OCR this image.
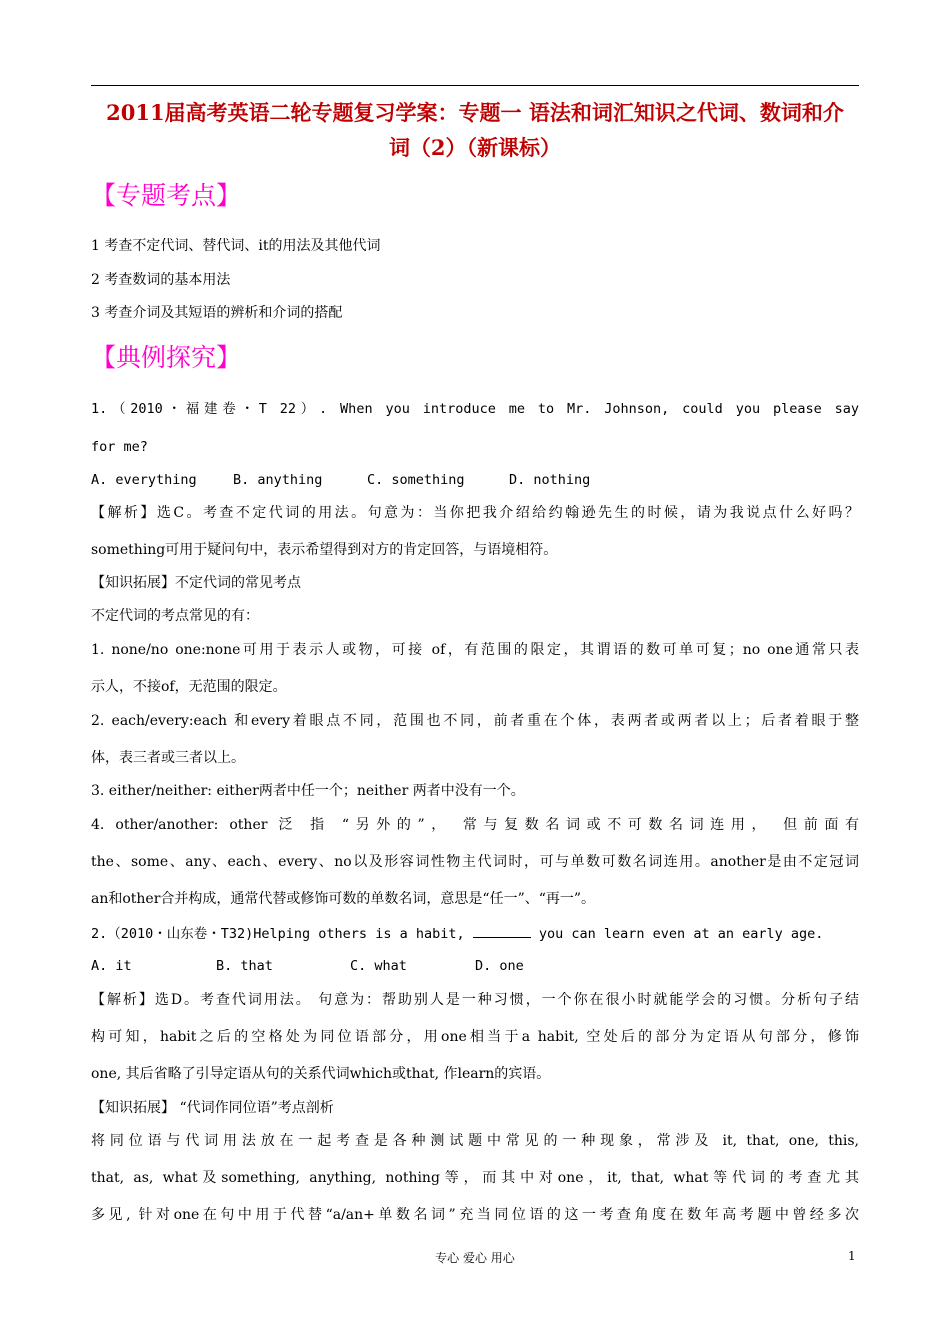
2011届高考英语二轮专题复习学案：专题一 语法和词汇知识之代词、数词和介
词（2）（新课标）
【专题考点】
1 考查不定代词、替代词、it的用法及其他代词
2 考查数词的基本用法
3 考查介词及其短语的辨析和介词的搭配
【典例探究】
1.（2010・福建卷・T 22）. When you introduce me to Mr. Johnson, could you please say
for me?
A. everything	B. anything	C. something	D. nothing
【解析】选C。考查不定代词的用法。句意为：当你把我介绍给约翰逊先生的时候，请为我说点什么好吗？
something可用于疑问句中，表示希望得到对方的肯定回答，与语境相符。
【知识拓展】不定代词的常见考点
不定代词的考点常见的有：
1. none/no one:none可用于表示人或物，可接 of，有范围的限定，其谓语的数可单可复；no one通常只表
示人，不接of，无范围的限定。
2. each/every:each 和every着眼点不同，范围也不同，前者重在个体，表两者或两者以上；后者着眼于整
体，表三者或三者以上。
3. either/neither: either两者中任一个；neither 两者中没有一个。
4. other/another: other 泛 指 “另外的”， 常与复数名词或不可数名词连用， 但前面有
the、some、any、each、every、no以及形容词性物主代词时，可与单数可数名词连用。another是由不定冠词
an和other合并构成，通常代替或修饰可数的单数名词，意思是“任一”、“再一”。
2.（2010・山东卷・T32)Helping others is a habit,	you can learn even at an early age.
A. it	B. that	C. what	D. one
【解析】选D。考查代词用法。 句意为：帮助别人是一种习惯，一个你在很小时就能学会的习惯。分析句子结
构可知，habit之后的空格处为同位语部分，用one相当于a habit, 空处后的部分为定语从句部分，修饰
one, 其后省略了引导定语从句的关系代词which或that, 作learn的宾语。
【知识拓展】 “代词作同位语”考点剖析
将同位语与代词用法放在一起考查是各种测试题中常见的一种现象，常涉及 it, that, one, this,
that, as, what及something, anything, nothing等，而其中对one，it, that, what等代词的考查尤其
多见, 针对one在句中用于代替“a/an+单数名词”充当同位语的这一考查角度在数年高考题中曾经多次
专心 爱心 用心	1
